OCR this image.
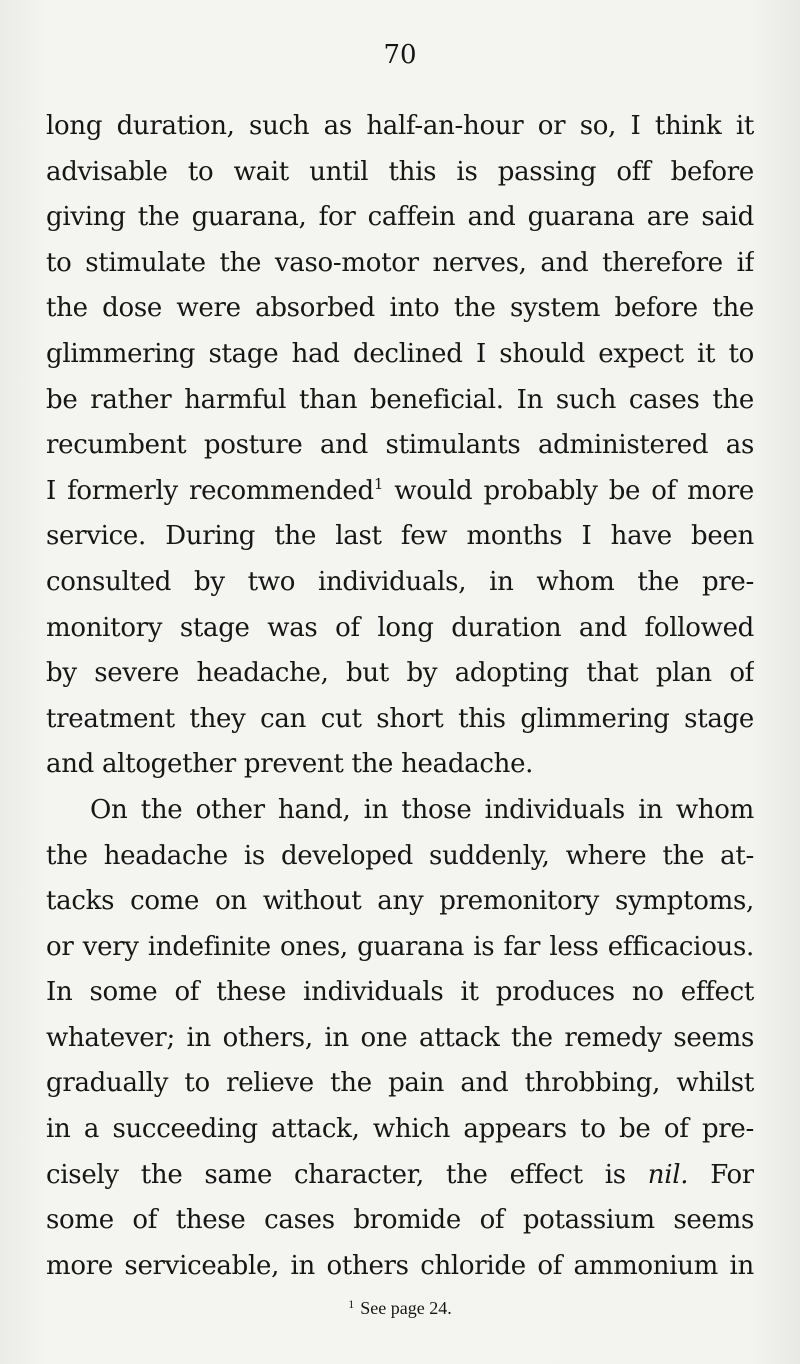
70
long duration, such as half-an-hour or so, I think it
advisable to wait until this is passing off before
giving the guarana, for caffein and guarana are said
to stimulate the vaso-motor nerves, and therefore if
the dose were absorbed into the system before the
glimmering stage had declined I should expect it to
be rather harmful than beneficial. In such cases the
recumbent posture and stimulants administered as
I formerly recommended$^1$ would probably be of more
service. During the last few months I have been
consulted by two individuals, in whom the pre-
monitory stage was of long duration and followed
by severe headache, but by adopting that plan of
treatment they can cut short this glimmering stage
and altogether prevent the headache.
On the other hand, in those individuals in whom
the headache is developed suddenly, where the at-
tacks come on without any premonitory symptoms,
or very indefinite ones, guarana is far less efficacious.
In some of these individuals it produces no effect
whatever; in others, in one attack the remedy seems
gradually to relieve the pain and throbbing, whilst
in a succeeding attack, which appears to be of pre-
cisely the same character, the effect is nil. For
some of these cases bromide of potassium seems
more serviceable, in others chloride of ammonium in
$^1$ See page 24.
